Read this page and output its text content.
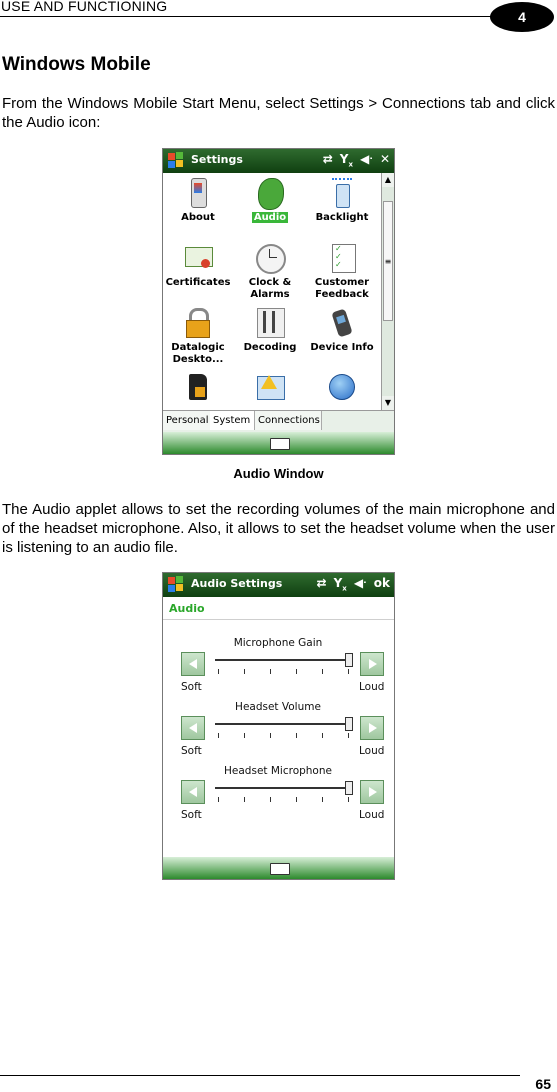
USE AND FUNCTIONING
4
Windows Mobile

From the Windows Mobile Start Menu, select Settings > Connections tab and click the Audio icon:

Settings	⇄ $Y_x$ ◀ᐧ ✕
About	Audio	Backlight
Certificates	Clock &
Alarms
✓
✓
✓
Customer
Feedback
Datalogic
Deskto...
Decoding	Device Info
▲
≡
▼
Personal System Connections
Audio Window

The Audio applet allows to set the recording volumes of the main microphone and of the headset microphone. Also, it allows to set the headset volume when the user is listening to an audio file.

Audio Settings	⇄ $Y_x$ ◀ᐧ ok
Audio
Microphone Gain
Soft	Loud
Headset Volume
Soft	Loud
Headset Microphone
Soft	Loud
65
